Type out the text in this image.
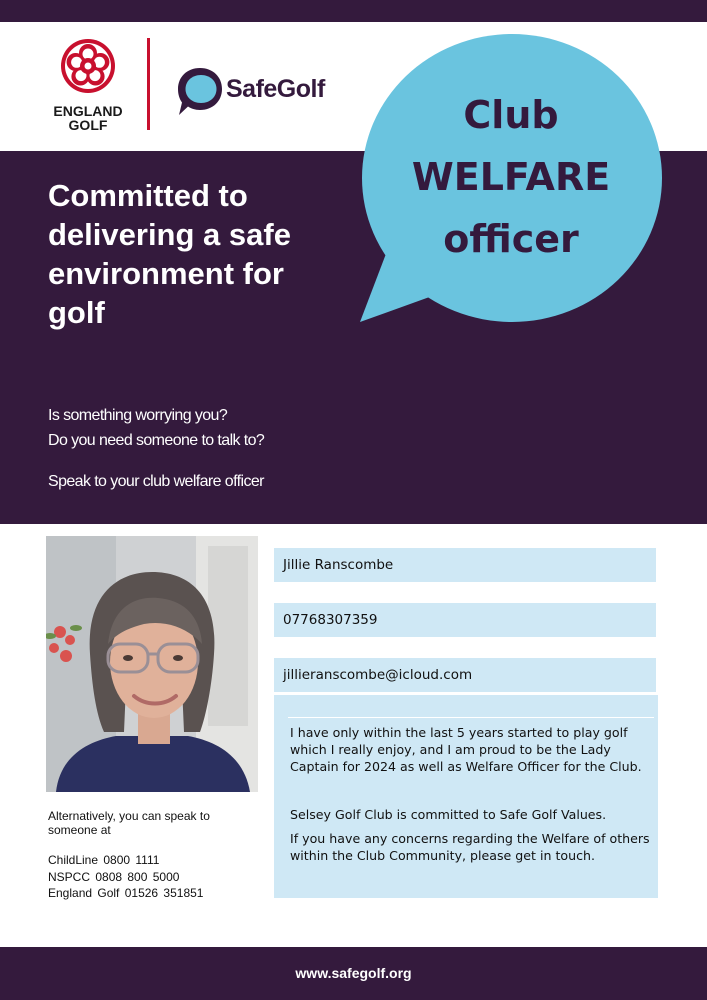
ENGLAND
GOLF
SafeGolf
Committed to delivering a safe environment for golf

Is something worrying you?

Do you need someone to talk to?

Speak to your club welfare officer

Club
WELFARE
officer

Alternatively, you can speak to someone at

ChildLine 0800 1111
NSPCC 0808 800 5000
England Golf 01526 351851
Jillie Ranscombe
07768307359
jillieranscombe@icloud.com

I have only within the last 5 years started to play golf which I really enjoy, and I am proud to be the Lady Captain for 2024 as well as Welfare Officer for the Club.

Selsey Golf Club is committed to Safe Golf Values.

If you have any concerns regarding the Welfare of others within the Club Community, please get in touch.

www.safegolf.org
